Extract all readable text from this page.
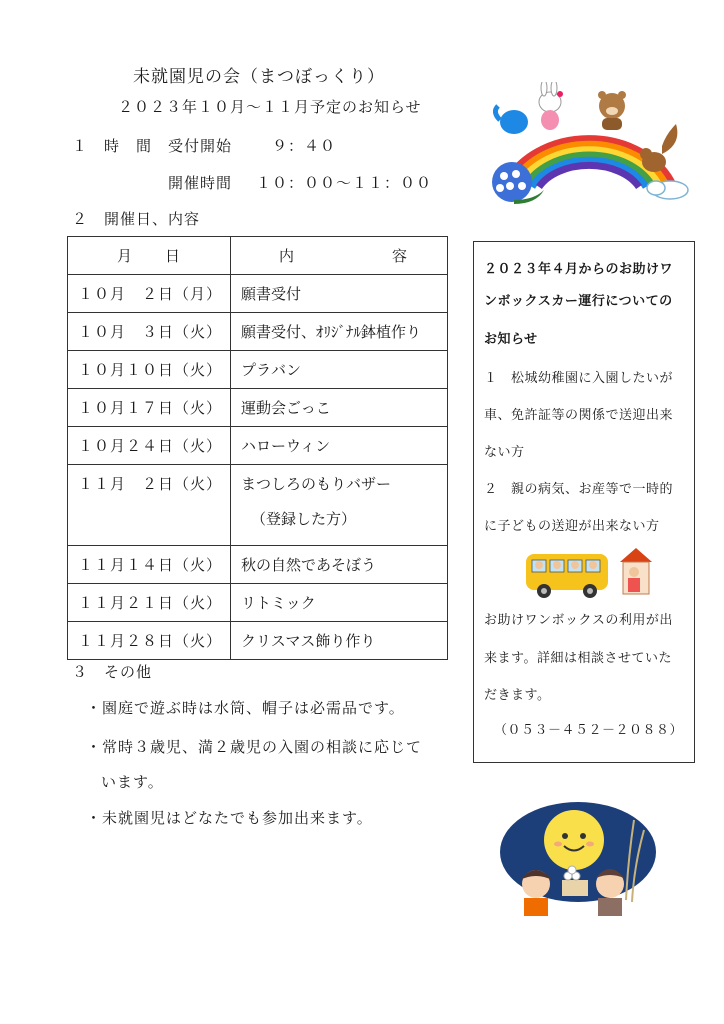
未就園児の会（まつぼっくり）
２０２３年１０月～１１月予定のお知らせ
１　時　間 受付開始	９：４０
開催時間 １０：００～１１：００
２　開催日、内容
月　　日	内 容

１０月　２日（月）	願書受付
１０月　３日（火）	願書受付、ｵﾘｼﾞﾅﾙ鉢植作り
１０月１０日（火）	プラバン
１０月１７日（火）	運動会ごっこ
１０月２４日（火）	ハローウィン
１１月　２日（火）	まつしろのもりバザー
（登録した方）

１１月１４日（火）	秋の自然であそぼう
１１月２１日（火）	リトミック
１１月２８日（火）	クリスマス飾り作り
３　その他
・園庭で遊ぶ時は水筒、帽子は必需品です。
・常時３歳児、満２歳児の入園の相談に応じて
います。
・未就園児はどなたでも参加出来ます。
２０２３年４月からのお助けワ
ンボックスカー運行についての
お知らせ
１　松城幼稚園に入園したいが
車、免許証等の関係で送迎出来
ない方
２　親の病気、お産等で一時的
に子どもの送迎が出来ない方
お助けワンボックスの利用が出
来ます。詳細は相談させていた
だきます。
（０５３－４５２－２０８８）
